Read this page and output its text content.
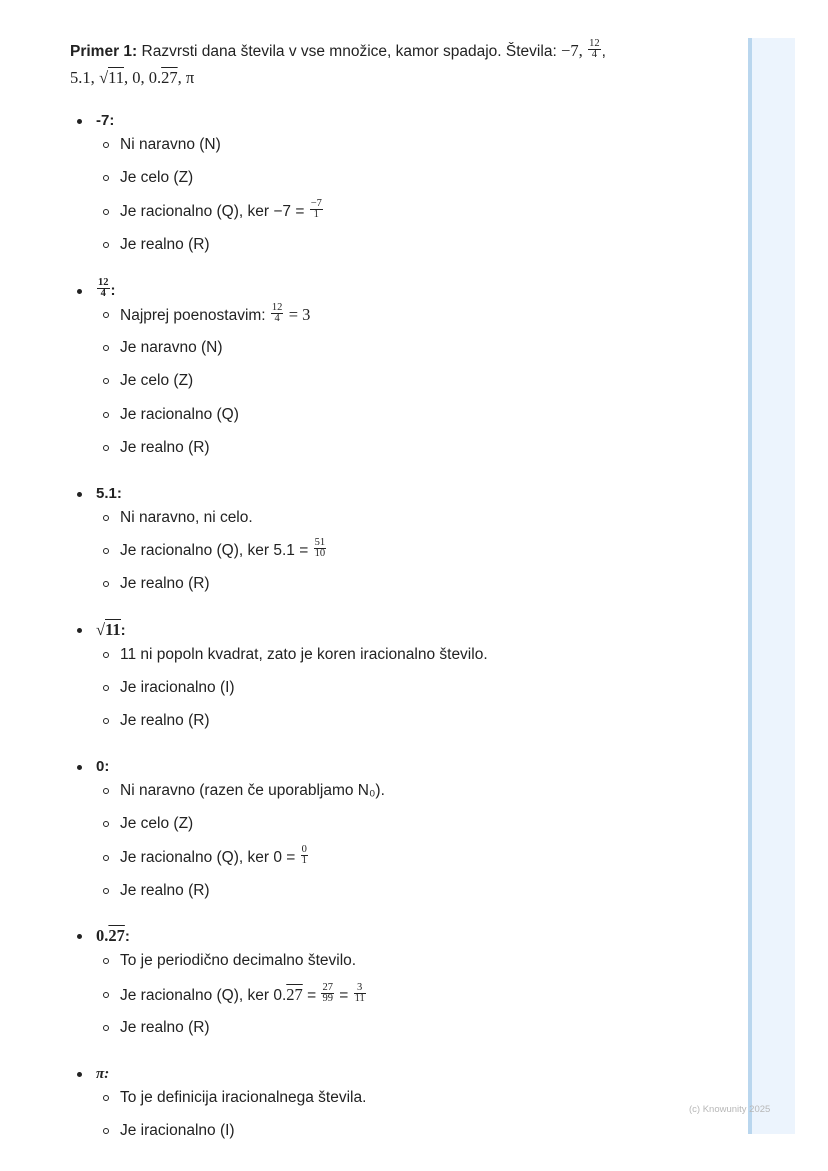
Primer 1: Razvrsti dana števila v vse množice, kamor spadajo. Števila: −7, $\frac{12}{4}$ ,
5.1, √11, 0, 0.27, π

-7:
Ni naravno (N)
Je celo (Z)
Je racionalno (Q), ker $-7 = \frac{-7}{1}$
Je realno (R)
$\frac{12}{4}$ :
Najprej poenostavim: $\frac{12}{4} = 3$
Je naravno (N)
Je celo (Z)
Je racionalno (Q)
Je realno (R)
5.1:
Ni naravno, ni celo.
Je racionalno (Q), ker $5.1 = \frac{51}{10}$
Je realno (R)
√11:
11 ni popoln kvadrat, zato je koren iracionalno število.
Je iracionalno (I)
Je realno (R)
0:
Ni naravno (razen če uporabljamo N₀).
Je celo (Z)
Je racionalno (Q), ker $0 = \frac{0}{1}$
Je realno (R)
0.27:
To je periodično decimalno število.
Je racionalno (Q), ker $0.27 = \frac{27}{99} = \frac{3}{11}$
Je realno (R)
π:
To je definicija iracionalnega števila.
Je iracionalno (I)
(c) Knowunity 2025
